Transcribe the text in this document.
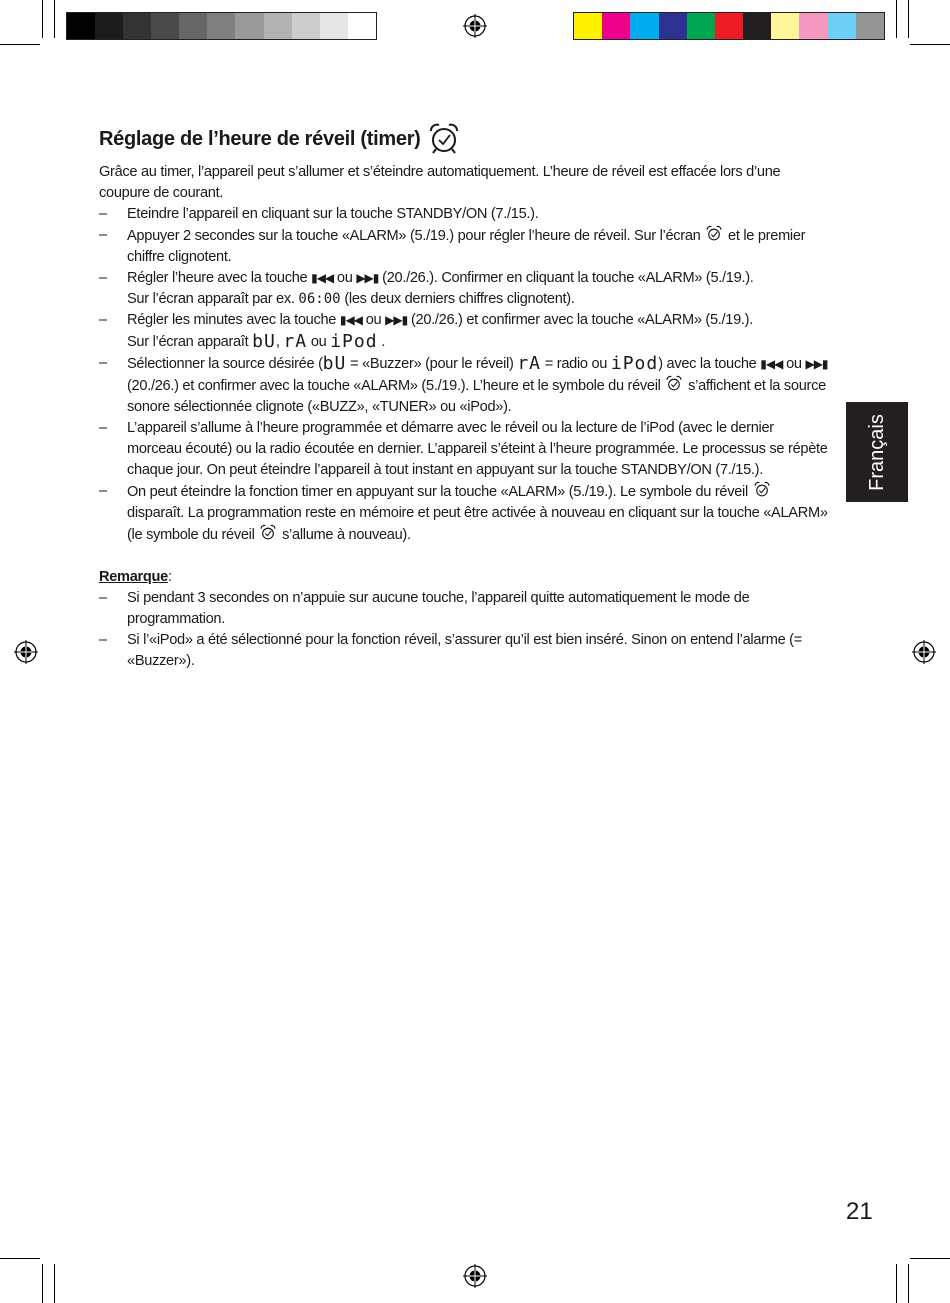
Réglage de l’heure de réveil (timer)

Grâce au timer, l’appareil peut s’allumer et s’éteindre automatiquement. L’heure de réveil est effacée lors d’une coupure de courant.

– Eteindre l’appareil en cliquant sur la touche STANDBY/ON (7./15.).
– Appuyer 2 secondes sur la touche «ALARM» (5./19.) pour régler l’heure de réveil. Sur l’écran et le premier chiffre clignotent.
– Régler l’heure avec la touche ▮◀◀ ou ▶▶▮ (20./26.). Confirmer en cliquant la touche «ALARM» (5./19.).
Sur l’écran apparaît par ex. 06:00 (les deux derniers chiffres clignotent).
– Régler les minutes avec la touche ▮◀◀ ou ▶▶▮ (20./26.) et confirmer avec la touche «ALARM» (5./19.).
Sur l’écran apparaît bU, rA ou iPod .
– Sélectionner la source désirée (bU = «Buzzer» (pour le réveil) rA = radio ou iPod) avec la touche ▮◀◀ ou ▶▶▮ (20./26.) et confirmer avec la touche «ALARM» (5./19.). L’heure et le symbole du réveil s’affichent et la source sonore sélectionnée clignote («BUZZ», «TUNER» ou «iPod»).
– L’appareil s’allume à l’heure programmée et démarre avec le réveil ou la lecture de l’iPod (avec le dernier morceau écouté) ou la radio écoutée en dernier. L’appareil s’éteint à l’heure programmée. Le processus se répète chaque jour. On peut éteindre l’appareil à tout instant en appuyant sur la touche STANDBY/ON (7./15.).
– On peut éteindre la fonction timer en appuyant sur la touche «ALARM» (5./19.). Le symbole du réveil  disparaît. La programmation reste en mémoire et peut être activée à nouveau en cliquant sur la touche «ALARM» (le symbole du réveil s’allume à nouveau).

Remarque:

– Si pendant 3 secondes on n’appuie sur aucune touche, l’appareil quitte automatiquement le mode de programmation.
– Si l’«iPod» a été sélectionné pour la fonction réveil, s’assurer qu’il est bien inséré. Sinon on entend l’alarme (= «Buzzer»).
Français
21
